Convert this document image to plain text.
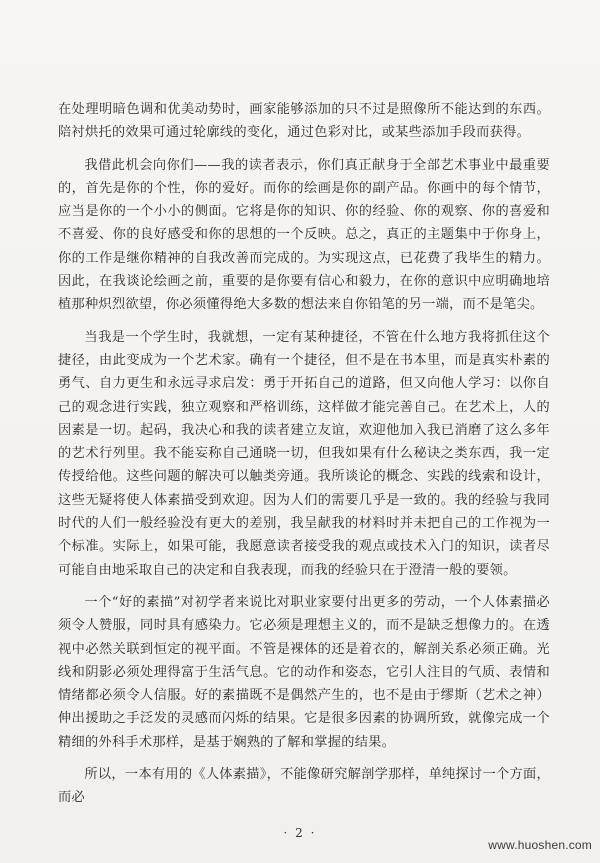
在处理明暗色调和优美动势时，画家能够添加的只不过是照像所不能达到的东西。陪衬烘托的效果可通过轮廓线的变化，通过色彩对比，或某些添加手段而获得。

我借此机会向你们——我的读者表示，你们真正献身于全部艺术事业中最重要的，首先是你的个性，你的爱好。而你的绘画是你的副产品。你画中的每个情节，应当是你的一个小小的侧面。它将是你的知识、你的经验、你的观察、你的喜爱和不喜爱、你的良好感受和你的思想的一个反映。总之，真正的主题集中于你身上，你的工作是继你精神的自我改善而完成的。为实现这点，已花费了我毕生的精力。因此，在我谈论绘画之前，重要的是你要有信心和毅力，在你的意识中应明确地培植那种炽烈欲望，你必须懂得绝大多数的想法来自你铅笔的另一端，而不是笔尖。

当我是一个学生时，我就想，一定有某种捷径，不管在什么地方我将抓住这个捷径，由此变成为一个艺术家。确有一个捷径，但不是在书本里，而是真实朴素的勇气、自力更生和永远寻求启发：勇于开拓自己的道路，但又向他人学习：以你自己的观念进行实践，独立观察和严格训练，这样做才能完善自己。在艺术上，人的因素是一切。起码，我决心和我的读者建立友谊，欢迎他加入我已消磨了这么多年的艺术行列里。我不能妄称自己通晓一切，但我如果有什么秘诀之类东西，我一定传授给他。这些问题的解决可以触类旁通。我所谈论的概念、实践的线索和设计，这些无疑将使人体素描受到欢迎。因为人们的需要几乎是一致的。我的经验与我同时代的人们一般经验没有更大的差别，我呈献我的材料时并未把自己的工作视为一个标准。实际上，如果可能，我愿意读者接受我的观点或技术入门的知识，读者尽可能自由地采取自己的决定和自我表现，而我的经验只在于澄清一般的要领。

一个“好的素描”对初学者来说比对职业家要付出更多的劳动，一个人体素描必须令人赞服，同时具有感染力。它必须是理想主义的，而不是缺乏想像力的。在透视中必然关联到恒定的视平面。不管是裸体的还是着衣的，解剖关系必须正确。光线和阴影必须处理得富于生活气息。它的动作和姿态，它引人注目的气质、表情和情绪都必须令人信服。好的素描既不是偶然产生的，也不是由于缪斯（艺术之神）伸出援助之手泛发的灵感而闪烁的结果。它是很多因素的协调所致，就像完成一个精细的外科手术那样，是基于娴熟的了解和掌握的结果。

所以，一本有用的《人体素描》，不能像研究解剖学那样，单纯探讨一个方面，而必

· 2 ·
www.huoshen.com
